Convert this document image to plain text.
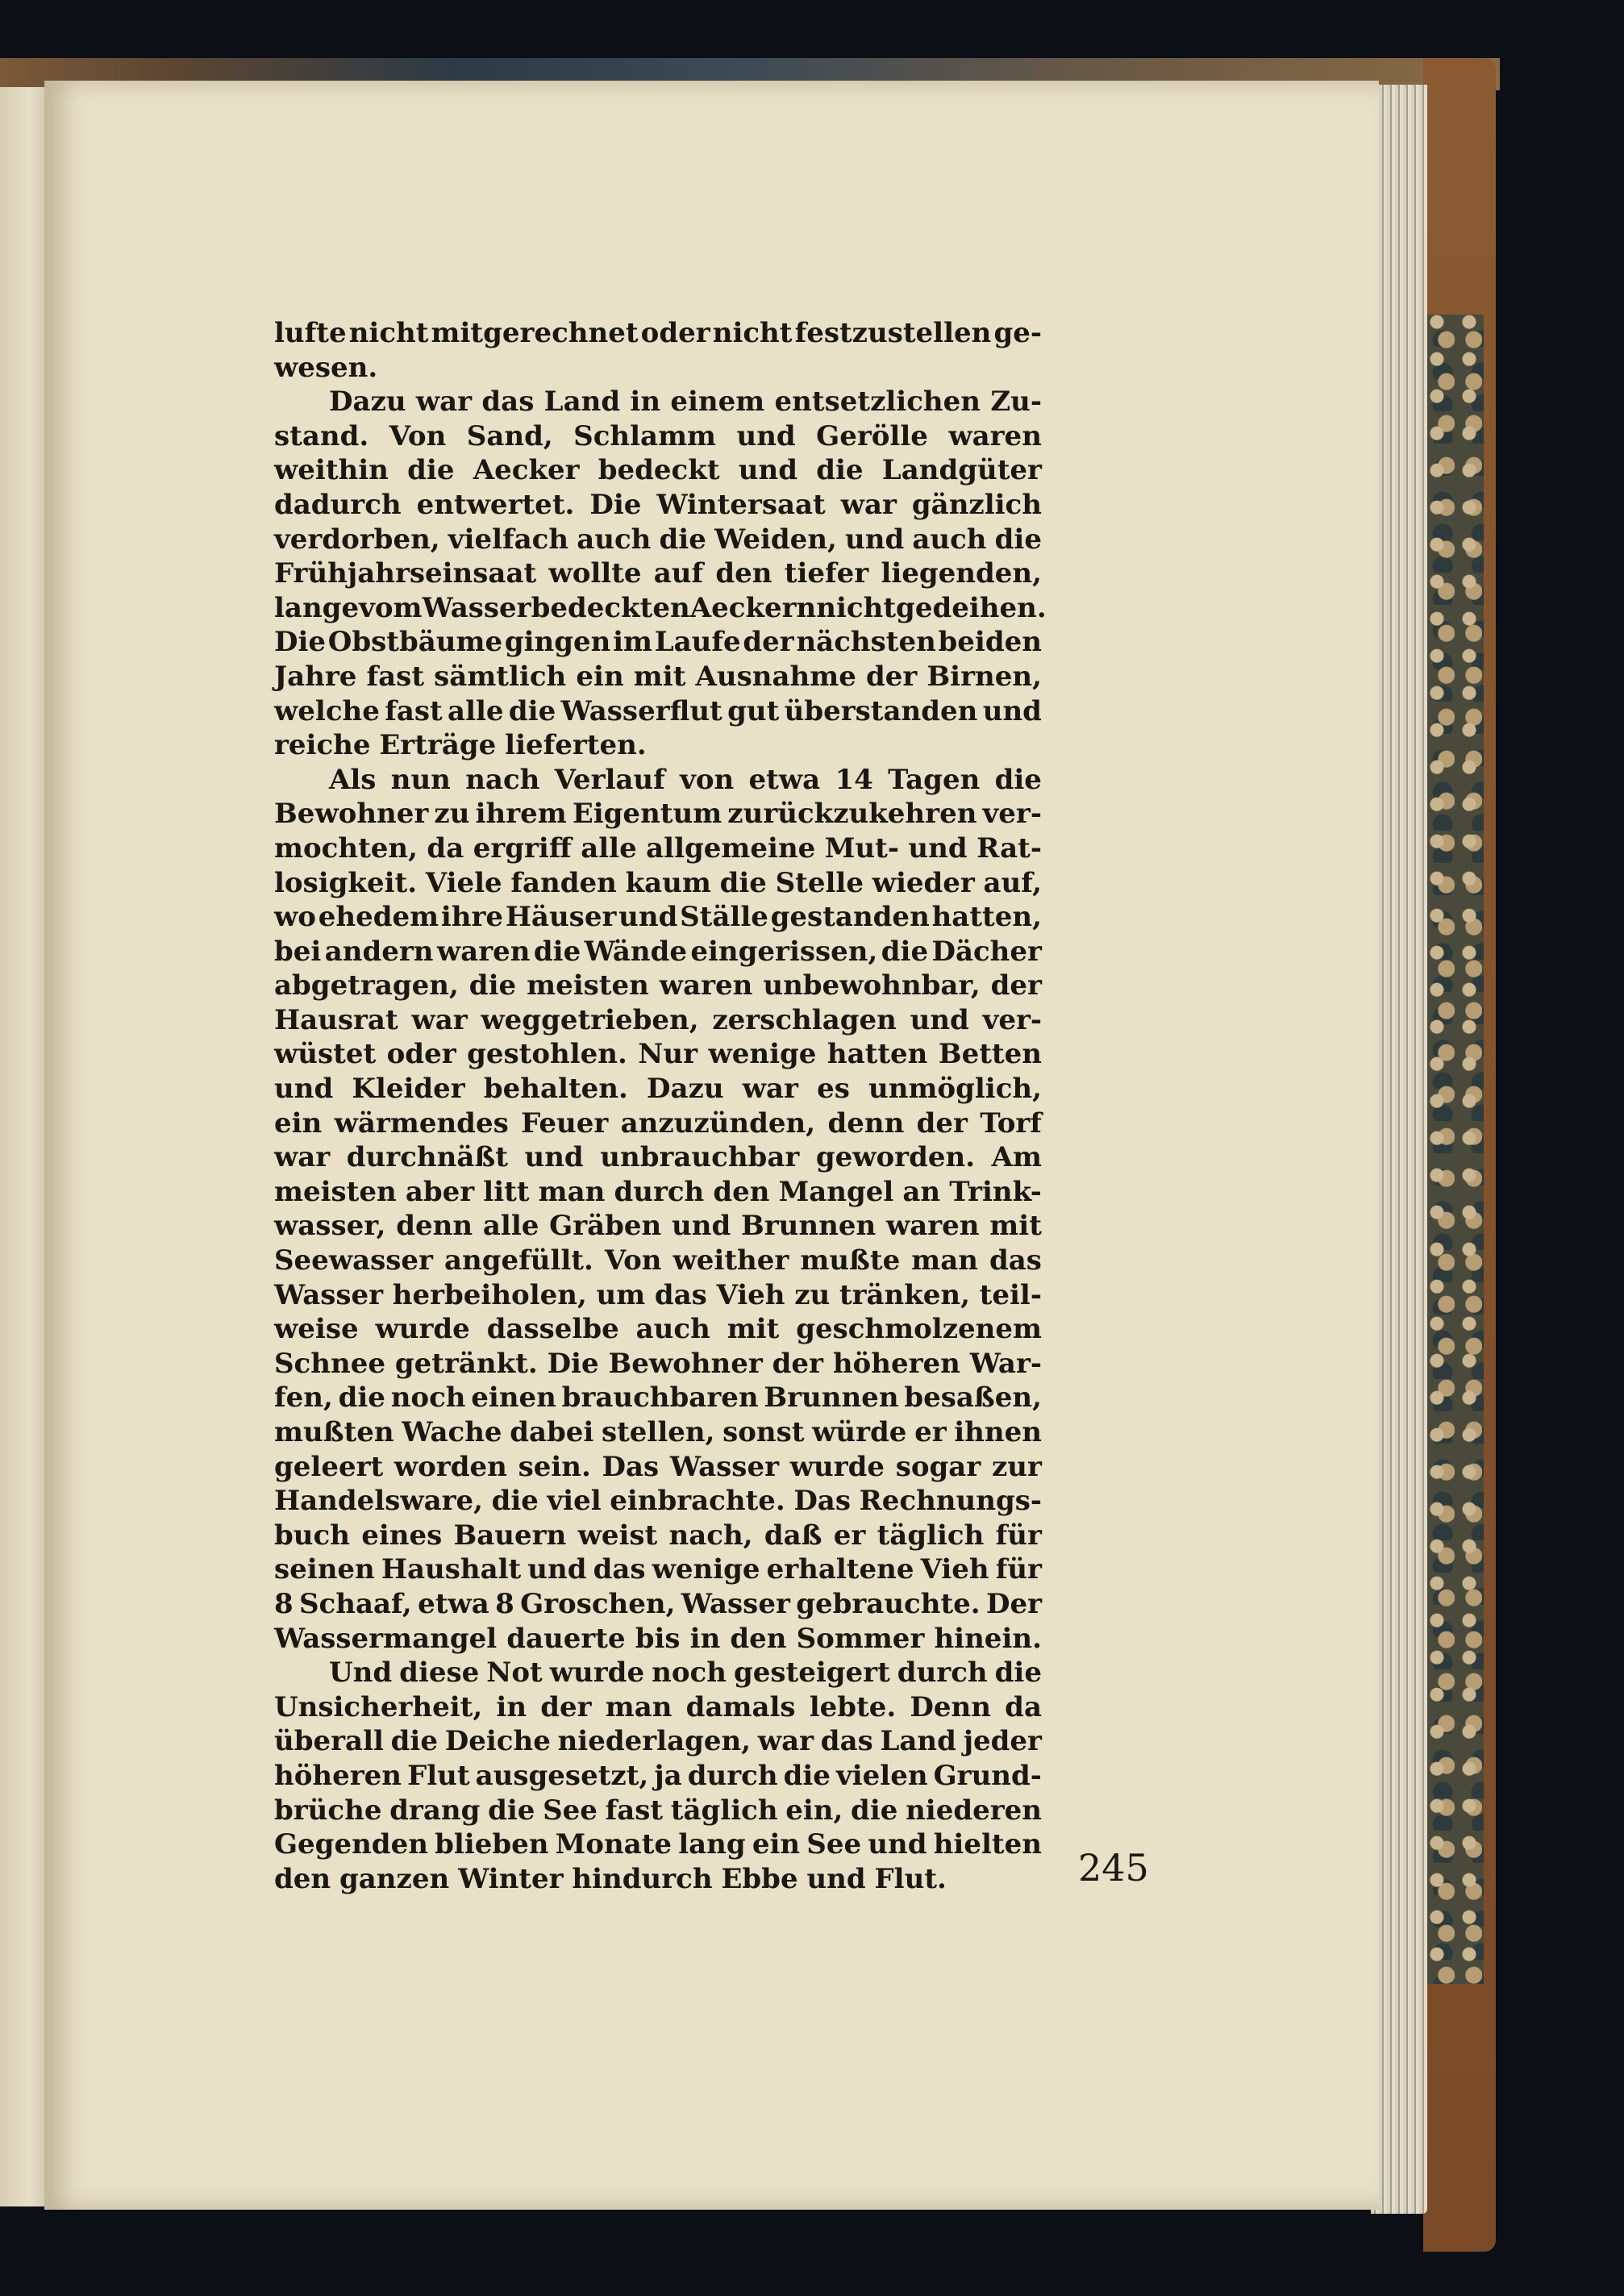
lufte nicht mitgerechnet oder nicht festzustellen ge-
wesen.
Dazu war das Land in einem entsetzlichen Zu-
stand. Von Sand, Schlamm und Gerölle waren
weithin die Aecker bedeckt und die Landgüter
dadurch entwertet. Die Wintersaat war gänzlich
verdorben, vielfach auch die Weiden, und auch die
Frühjahrseinsaat wollte auf den tiefer liegenden,
lange vom Wasser bedeckten Aeckern nicht gedeihen.
Die Obstbäume gingen im Laufe der nächsten beiden
Jahre fast sämtlich ein mit Ausnahme der Birnen,
welche fast alle die Wasserflut gut überstanden und
reiche Erträge lieferten.
Als nun nach Verlauf von etwa 14 Tagen die
Bewohner zu ihrem Eigentum zurückzukehren ver-
mochten, da ergriff alle allgemeine Mut- und Rat-
losigkeit. Viele fanden kaum die Stelle wieder auf,
wo ehedem ihre Häuser und Ställe gestanden hatten,
bei andern waren die Wände eingerissen, die Dächer
abgetragen, die meisten waren unbewohnbar, der
Hausrat war weggetrieben, zerschlagen und ver-
wüstet oder gestohlen. Nur wenige hatten Betten
und Kleider behalten. Dazu war es unmöglich,
ein wärmendes Feuer anzuzünden, denn der Torf
war durchnäßt und unbrauchbar geworden. Am
meisten aber litt man durch den Mangel an Trink-
wasser, denn alle Gräben und Brunnen waren mit
Seewasser angefüllt. Von weither mußte man das
Wasser herbeiholen, um das Vieh zu tränken, teil-
weise wurde dasselbe auch mit geschmolzenem
Schnee getränkt. Die Bewohner der höheren War-
fen, die noch einen brauchbaren Brunnen besaßen,
mußten Wache dabei stellen, sonst würde er ihnen
geleert worden sein. Das Wasser wurde sogar zur
Handelsware, die viel einbrachte. Das Rechnungs-
buch eines Bauern weist nach, daß er täglich für
seinen Haushalt und das wenige erhaltene Vieh für
8 Schaaf, etwa 8 Groschen, Wasser gebrauchte. Der
Wassermangel dauerte bis in den Sommer hinein.
Und diese Not wurde noch gesteigert durch die
Unsicherheit, in der man damals lebte. Denn da
überall die Deiche niederlagen, war das Land jeder
höheren Flut ausgesetzt, ja durch die vielen Grund-
brüche drang die See fast täglich ein, die niederen
Gegenden blieben Monate lang ein See und hielten
den ganzen Winter hindurch Ebbe und Flut.	245
